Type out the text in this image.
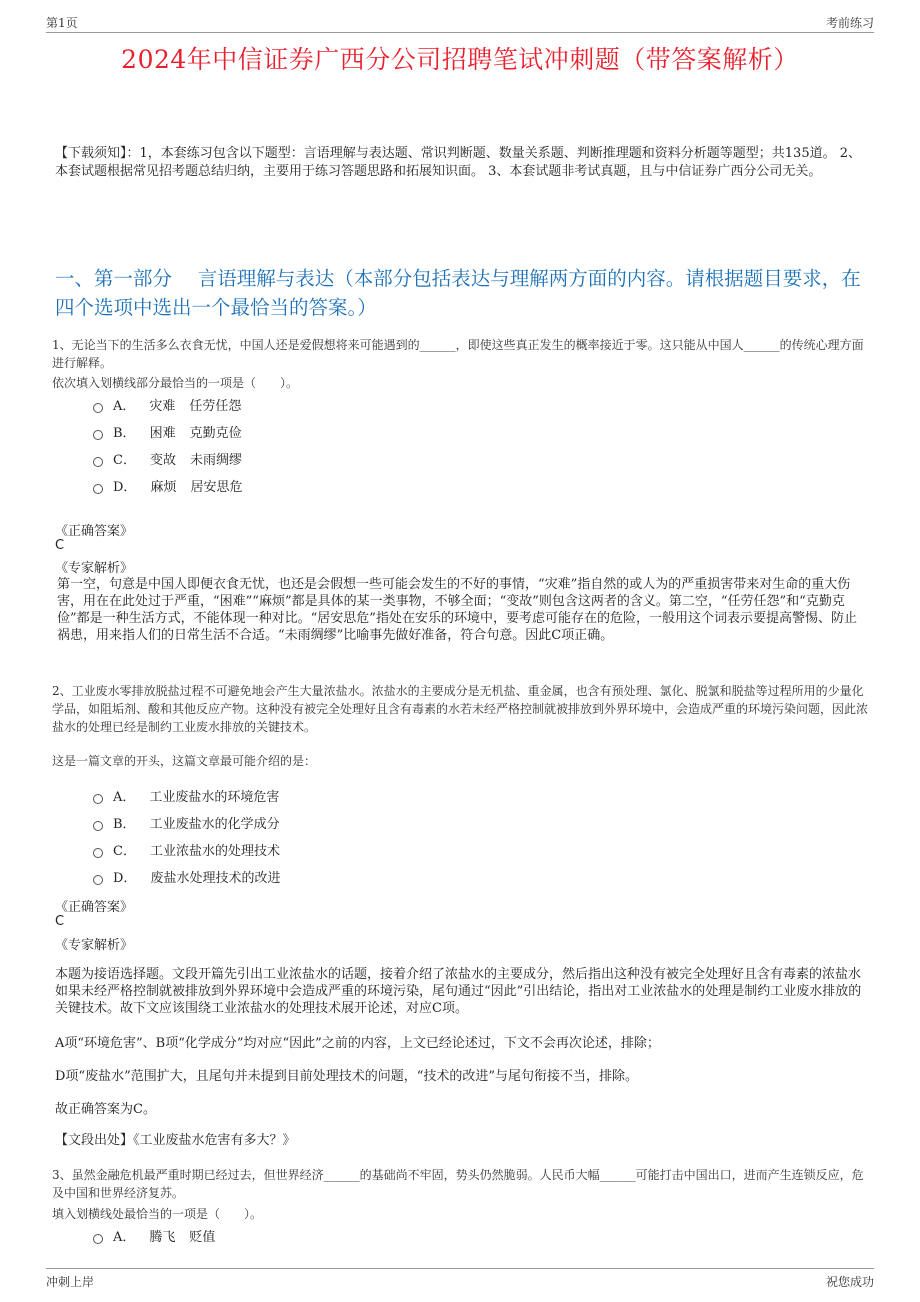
第1页	考前练习
2024年中信证券广西分公司招聘笔试冲刺题（带答案解析）
【下载须知】：1，本套练习包含以下题型：言语理解与表达题、常识判断题、数量关系题、判断推理题和资料分析题等题型；共135道。 2、本套试题根据常见招考题总结归纳，主要用于练习答题思路和拓展知识面。 3、本套试题非考试真题，且与中信证券广西分公司无关。
一、第一部分　 言语理解与表达（本部分包括表达与理解两方面的内容。请根据题目要求，在四个选项中选出一个最恰当的答案。）
1、无论当下的生活多么衣食无忧，中国人还是爱假想将来可能遇到的______，即使这些真正发生的概率接近于零。这只能从中国人______的传统心理方面进行解释。
依次填入划横线部分最恰当的一项是（　　）。
A． 灾难 任劳任怨
B． 困难 克勤克俭
C． 变故 未雨绸缪
D． 麻烦 居安思危
《正确答案》
C
《专家解析》
第一空，句意是中国人即便衣食无忧，也还是会假想一些可能会发生的不好的事情，“灾难”指自然的或人为的严重损害带来对生命的重大伤害，用在在此处过于严重，“困难”“麻烦”都是具体的某一类事物，不够全面；“变故”则包含这两者的含义。第二空，“任劳任怨”和“克勤克俭”都是一种生活方式，不能体现一种对比。“居安思危”指处在安乐的环境中，要考虑可能存在的危险，一般用这个词表示要提高警惕、防止祸患，用来指人们的日常生活不合适。“未雨绸缪”比喻事先做好准备，符合句意。因此C项正确。
2、工业废水零排放脱盐过程不可避免地会产生大量浓盐水。浓盐水的主要成分是无机盐、重金属，也含有预处理、氯化、脱氯和脱盐等过程所用的少量化学品，如阻垢剂、酸和其他反应产物。这种没有被完全处理好且含有毒素的水若未经严格控制就被排放到外界环境中，会造成严重的环境污染问题，因此浓盐水的处理已经是制约工业废水排放的关键技术。
这是一篇文章的开头，这篇文章最可能介绍的是：
A． 工业废盐水的环境危害
B． 工业废盐水的化学成分
C． 工业浓盐水的处理技术
D． 废盐水处理技术的改进
《正确答案》
C
《专家解析》
本题为接语选择题。文段开篇先引出工业浓盐水的话题，接着介绍了浓盐水的主要成分，然后指出这种没有被完全处理好且含有毒素的浓盐水如果未经严格控制就被排放到外界环境中会造成严重的环境污染，尾句通过“因此”引出结论，指出对工业浓盐水的处理是制约工业废水排放的关键技术。故下文应该围绕工业浓盐水的处理技术展开论述，对应C项。
A项“环境危害”、B项“化学成分”均对应“因此”之前的内容，上文已经论述过，下文不会再次论述，排除；
D项“废盐水”范围扩大，且尾句并未提到目前处理技术的问题，“技术的改进”与尾句衔接不当，排除。
故正确答案为C。
【文段出处】《工业废盐水危害有多大？》
3、虽然金融危机最严重时期已经过去，但世界经济______的基础尚不牢固，势头仍然脆弱。人民币大幅______可能打击中国出口，进而产生连锁反应，危及中国和世界经济复苏。
填入划横线处最恰当的一项是（　　）。
A． 腾飞 贬值
冲刺上岸	祝您成功
